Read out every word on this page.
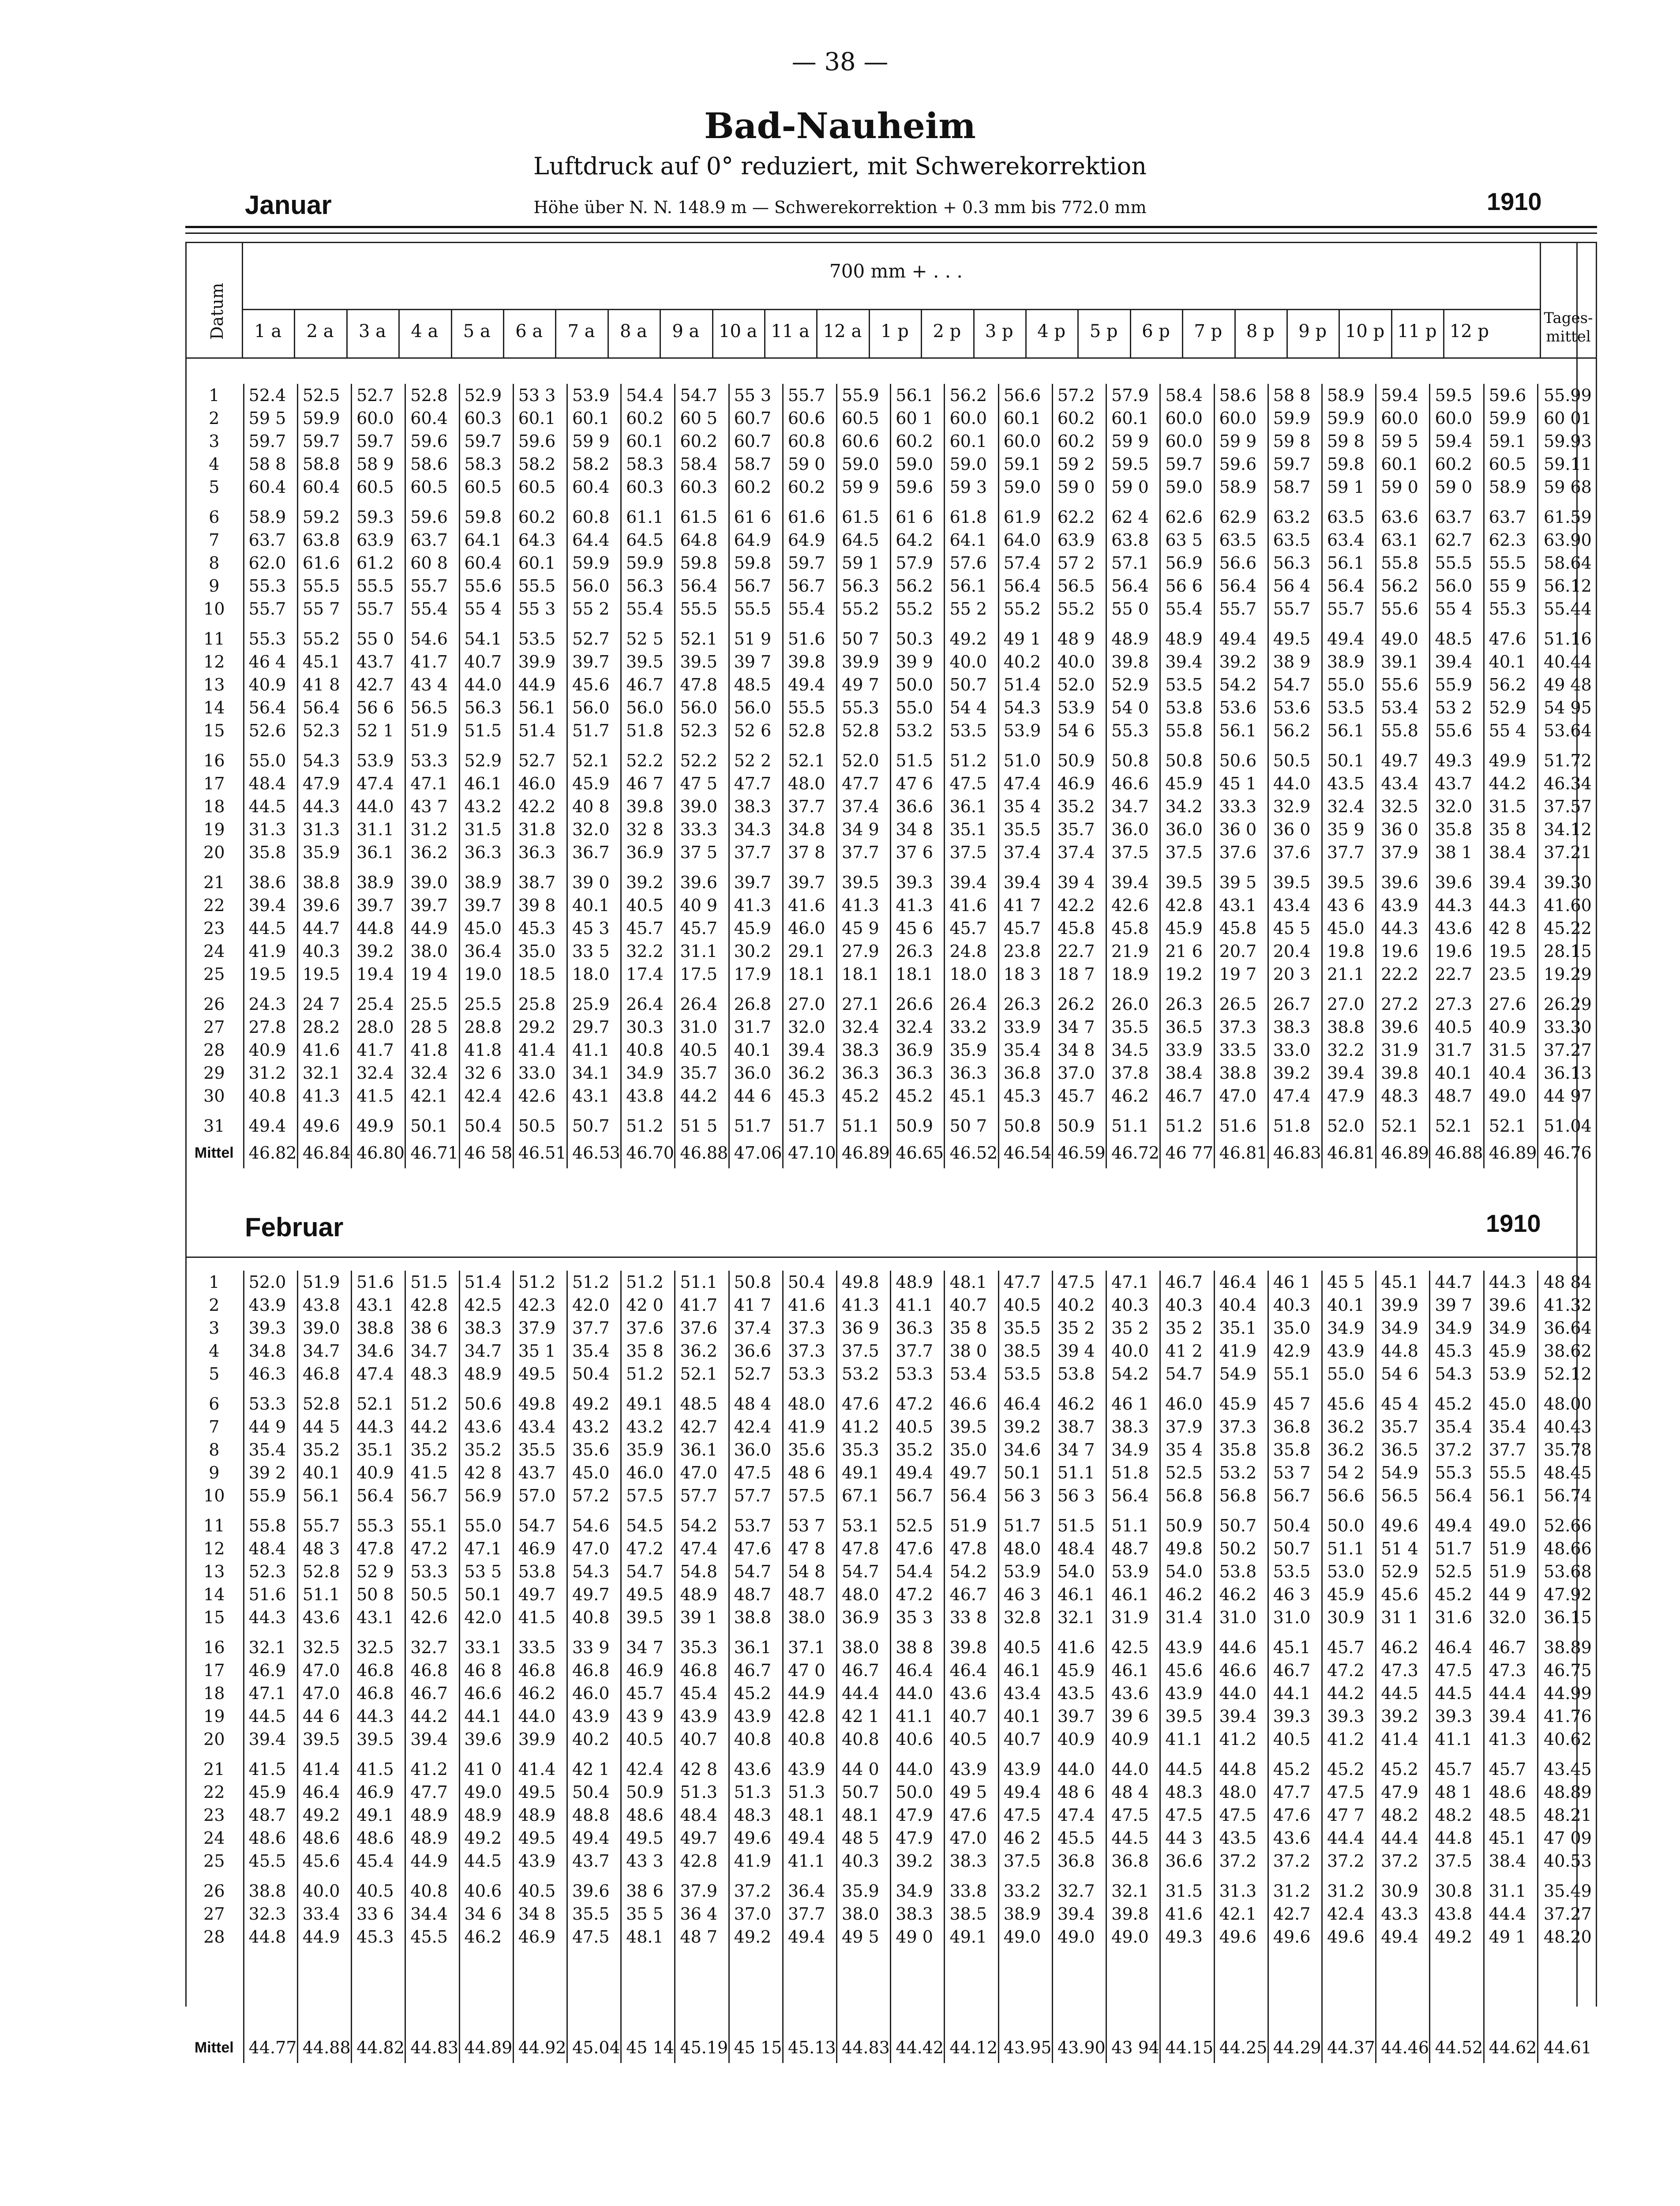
— 38 —
Bad-Nauheim
Luftdruck auf 0° reduziert, mit Schwerekorrektion
Januar	Höhe über N. N. 148.9 m — Schwerekorrektion + 0.3 mm bis 772.0 mm	1910
700 mm + . . .
Datum	1 a	2 a	3 a	4 a	5 a	6 a	7 a	8 a	9 a	10 a 11 a 12 a	1 p	2 p	3 p	4 p	5 p	6 p	7 p	8 p	9 p	10 p 11 p 12 p
Tages-mittel
1	52.4	52.5	52.7	52.8	52.9	53 3	53.9	54.4	54.7	55 3	55.7	55.9	56.1	56.2	56.6	57.2	57.9	58.4	58.6	58 8	58.9	59.4	59.5	59.6	55.99
2	59 5	59.9	60.0	60.4	60.3	60.1	60.1	60.2	60 5	60.7	60.6	60.5	60 1	60.0	60.1	60.2	60.1	60.0	60.0	59.9	59.9	60.0	60.0	59.9	60 01
3	59.7	59.7	59.7	59.6	59.7	59.6	59 9	60.1	60.2	60.7	60.8	60.6	60.2	60.1	60.0	60.2	59 9	60.0	59 9	59 8	59 8	59 5	59.4	59.1	59.93
4	58 8	58.8	58 9	58.6	58.3	58.2	58.2	58.3	58.4	58.7	59 0	59.0	59.0	59.0	59.1	59 2	59.5	59.7	59.6	59.7	59.8	60.1	60.2	60.5	59.11
5	60.4	60.4	60.5	60.5	60.5	60.5	60.4	60.3	60.3	60.2	60.2	59 9	59.6	59 3	59.0	59 0	59 0	59.0	58.9	58.7	59 1	59 0	59 0	58.9	59 68

6	58.9	59.2	59.3	59.6	59.8	60.2	60.8	61.1	61.5	61 6	61.6	61.5	61 6	61.8	61.9	62.2	62 4	62.6	62.9	63.2	63.5	63.6	63.7	63.7	61.59
7	63.7	63.8	63.9	63.7	64.1	64.3	64.4	64.5	64.8	64.9	64.9	64.5	64.2	64.1	64.0	63.9	63.8	63 5	63.5	63.5	63.4	63.1	62.7	62.3	63.90
8	62.0	61.6	61.2	60 8	60.4	60.1	59.9	59.9	59.8	59.8	59.7	59 1	57.9	57.6	57.4	57 2	57.1	56.9	56.6	56.3	56.1	55.8	55.5	55.5	58.64
9	55.3	55.5	55.5	55.7	55.6	55.5	56.0	56.3	56.4	56.7	56.7	56.3	56.2	56.1	56.4	56.5	56.4	56 6	56.4	56 4	56.4	56.2	56.0	55 9	56.12
10	55.7	55 7	55.7	55.4	55 4	55 3	55 2	55.4	55.5	55.5	55.4	55.2	55.2	55 2	55.2	55.2	55 0	55.4	55.7	55.7	55.7	55.6	55 4	55.3	55.44

11	55.3	55.2	55 0	54.6	54.1	53.5	52.7	52 5	52.1	51 9	51.6	50 7	50.3	49.2	49 1	48 9	48.9	48.9	49.4	49.5	49.4	49.0	48.5	47.6	51.16
12	46 4	45.1	43.7	41.7	40.7	39.9	39.7	39.5	39.5	39 7	39.8	39.9	39 9	40.0	40.2	40.0	39.8	39.4	39.2	38 9	38.9	39.1	39.4	40.1	40.44
13	40.9	41 8	42.7	43 4	44.0	44.9	45.6	46.7	47.8	48.5	49.4	49 7	50.0	50.7	51.4	52.0	52.9	53.5	54.2	54.7	55.0	55.6	55.9	56.2	49 48
14	56.4	56.4	56 6	56.5	56.3	56.1	56.0	56.0	56.0	56.0	55.5	55.3	55.0	54 4	54.3	53.9	54 0	53.8	53.6	53.6	53.5	53.4	53 2	52.9	54 95
15	52.6	52.3	52 1	51.9	51.5	51.4	51.7	51.8	52.3	52 6	52.8	52.8	53.2	53.5	53.9	54 6	55.3	55.8	56.1	56.2	56.1	55.8	55.6	55 4	53.64

16	55.0	54.3	53.9	53.3	52.9	52.7	52.1	52.2	52.2	52 2	52.1	52.0	51.5	51.2	51.0	50.9	50.8	50.8	50.6	50.5	50.1	49.7	49.3	49.9	51.72
17	48.4	47.9	47.4	47.1	46.1	46.0	45.9	46 7	47 5	47.7	48.0	47.7	47 6	47.5	47.4	46.9	46.6	45.9	45 1	44.0	43.5	43.4	43.7	44.2	46.34
18	44.5	44.3	44.0	43 7	43.2	42.2	40 8	39.8	39.0	38.3	37.7	37.4	36.6	36.1	35 4	35.2	34.7	34.2	33.3	32.9	32.4	32.5	32.0	31.5	37.57
19	31.3	31.3	31.1	31.2	31.5	31.8	32.0	32 8	33.3	34.3	34.8	34 9	34 8	35.1	35.5	35.7	36.0	36.0	36 0	36 0	35 9	36 0	35.8	35 8	34.12
20	35.8	35.9	36.1	36.2	36.3	36.3	36.7	36.9	37 5	37.7	37 8	37.7	37 6	37.5	37.4	37.4	37.5	37.5	37.6	37.6	37.7	37.9	38 1	38.4	37.21

21	38.6	38.8	38.9	39.0	38.9	38.7	39 0	39.2	39.6	39.7	39.7	39.5	39.3	39.4	39.4	39 4	39.4	39.5	39 5	39.5	39.5	39.6	39.6	39.4	39.30
22	39.4	39.6	39.7	39.7	39.7	39 8	40.1	40.5	40 9	41.3	41.6	41.3	41.3	41.6	41 7	42.2	42.6	42.8	43.1	43.4	43 6	43.9	44.3	44.3	41.60
23	44.5	44.7	44.8	44.9	45.0	45.3	45 3	45.7	45.7	45.9	46.0	45 9	45 6	45.7	45.7	45.8	45.8	45.9	45.8	45 5	45.0	44.3	43.6	42 8	45.22
24	41.9	40.3	39.2	38.0	36.4	35.0	33 5	32.2	31.1	30.2	29.1	27.9	26.3	24.8	23.8	22.7	21.9	21 6	20.7	20.4	19.8	19.6	19.6	19.5	28.15
25	19.5	19.5	19.4	19 4	19.0	18.5	18.0	17.4	17.5	17.9	18.1	18.1	18.1	18.0	18 3	18 7	18.9	19.2	19 7	20 3	21.1	22.2	22.7	23.5	19.29

26	24.3	24 7	25.4	25.5	25.5	25.8	25.9	26.4	26.4	26.8	27.0	27.1	26.6	26.4	26.3	26.2	26.0	26.3	26.5	26.7	27.0	27.2	27.3	27.6	26.29
27	27.8	28.2	28.0	28 5	28.8	29.2	29.7	30.3	31.0	31.7	32.0	32.4	32.4	33.2	33.9	34 7	35.5	36.5	37.3	38.3	38.8	39.6	40.5	40.9	33.30
28	40.9	41.6	41.7	41.8	41.8	41.4	41.1	40.8	40.5	40.1	39.4	38.3	36.9	35.9	35.4	34 8	34.5	33.9	33.5	33.0	32.2	31.9	31.7	31.5	37.27
29	31.2	32.1	32.4	32.4	32 6	33.0	34.1	34.9	35.7	36.0	36.2	36.3	36.3	36.3	36.8	37.0	37.8	38.4	38.8	39.2	39.4	39.8	40.1	40.4	36.13
30	40.8	41.3	41.5	42.1	42.4	42.6	43.1	43.8	44.2	44 6	45.3	45.2	45.2	45.1	45.3	45.7	46.2	46.7	47.0	47.4	47.9	48.3	48.7	49.0	44 97

31	49.4	49.6	49.9	50.1	50.4	50.5	50.7	51.2	51 5	51.7	51.7	51.1	50.9	50 7	50.8	50.9	51.1	51.2	51.6	51.8	52.0	52.1	52.1	52.1	51.04
Mittel	46.82	46.84	46.80	46.71	46 58	46.51	46.53	46.70	46.88	47.06	47.10	46.89	46.65	46.52	46.54	46.59	46.72	46 77	46.81	46.83	46.81	46.89	46.88	46.89	46.76
Februar	1910
1	52.0	51.9	51.6	51.5	51.4	51.2	51.2	51.2	51.1	50.8	50.4	49.8	48.9	48.1	47.7	47.5	47.1	46.7	46.4	46 1	45 5	45.1	44.7	44.3	48 84
2	43.9	43.8	43.1	42.8	42.5	42.3	42.0	42 0	41.7	41 7	41.6	41.3	41.1	40.7	40.5	40.2	40.3	40.3	40.4	40.3	40.1	39.9	39 7	39.6	41.32
3	39.3	39.0	38.8	38 6	38.3	37.9	37.7	37.6	37.6	37.4	37.3	36 9	36.3	35 8	35.5	35 2	35 2	35 2	35.1	35.0	34.9	34.9	34.9	34.9	36.64
4	34.8	34.7	34.6	34.7	34.7	35 1	35.4	35 8	36.2	36.6	37.3	37.5	37.7	38 0	38.5	39 4	40.0	41 2	41.9	42.9	43.9	44.8	45.3	45.9	38.62
5	46.3	46.8	47.4	48.3	48.9	49.5	50.4	51.2	52.1	52.7	53.3	53.2	53.3	53.4	53.5	53.8	54.2	54.7	54.9	55.1	55.0	54 6	54.3	53.9	52.12

6	53.3	52.8	52.1	51.2	50.6	49.8	49.2	49.1	48.5	48 4	48.0	47.6	47.2	46.6	46.4	46.2	46 1	46.0	45.9	45 7	45.6	45 4	45.2	45.0	48.00
7	44 9	44 5	44.3	44.2	43.6	43.4	43.2	43.2	42.7	42.4	41.9	41.2	40.5	39.5	39.2	38.7	38.3	37.9	37.3	36.8	36.2	35.7	35.4	35.4	40.43
8	35.4	35.2	35.1	35.2	35.2	35.5	35.6	35.9	36.1	36.0	35.6	35.3	35.2	35.0	34.6	34 7	34.9	35 4	35.8	35.8	36.2	36.5	37.2	37.7	35.78
9	39 2	40.1	40.9	41.5	42 8	43.7	45.0	46.0	47.0	47.5	48 6	49.1	49.4	49.7	50.1	51.1	51.8	52.5	53.2	53 7	54 2	54.9	55.3	55.5	48.45
10	55.9	56.1	56.4	56.7	56.9	57.0	57.2	57.5	57.7	57.7	57.5	67.1	56.7	56.4	56 3	56 3	56.4	56.8	56.8	56.7	56.6	56.5	56.4	56.1	56.74

11	55.8	55.7	55.3	55.1	55.0	54.7	54.6	54.5	54.2	53.7	53 7	53.1	52.5	51.9	51.7	51.5	51.1	50.9	50.7	50.4	50.0	49.6	49.4	49.0	52.66
12	48.4	48 3	47.8	47.2	47.1	46.9	47.0	47.2	47.4	47.6	47 8	47.8	47.6	47.8	48.0	48.4	48.7	49.8	50.2	50.7	51.1	51 4	51.7	51.9	48.66
13	52.3	52.8	52 9	53.3	53 5	53.8	54.3	54.7	54.8	54.7	54 8	54.7	54.4	54.2	53.9	54.0	53.9	54.0	53.8	53.5	53.0	52.9	52.5	51.9	53.68
14	51.6	51.1	50 8	50.5	50.1	49.7	49.7	49.5	48.9	48.7	48.7	48.0	47.2	46.7	46 3	46.1	46.1	46.2	46.2	46 3	45.9	45.6	45.2	44 9	47.92
15	44.3	43.6	43.1	42.6	42.0	41.5	40.8	39.5	39 1	38.8	38.0	36.9	35 3	33 8	32.8	32.1	31.9	31.4	31.0	31.0	30.9	31 1	31.6	32.0	36.15

16	32.1	32.5	32.5	32.7	33.1	33.5	33 9	34 7	35.3	36.1	37.1	38.0	38 8	39.8	40.5	41.6	42.5	43.9	44.6	45.1	45.7	46.2	46.4	46.7	38.89
17	46.9	47.0	46.8	46.8	46 8	46.8	46.8	46.9	46.8	46.7	47 0	46.7	46.4	46.4	46.1	45.9	46.1	45.6	46.6	46.7	47.2	47.3	47.5	47.3	46.75
18	47.1	47.0	46.8	46.7	46.6	46.2	46.0	45.7	45.4	45.2	44.9	44.4	44.0	43.6	43.4	43.5	43.6	43.9	44.0	44.1	44.2	44.5	44.5	44.4	44.99
19	44.5	44 6	44.3	44.2	44.1	44.0	43.9	43 9	43.9	43.9	42.8	42 1	41.1	40.7	40.1	39.7	39 6	39.5	39.4	39.3	39.3	39.2	39.3	39.4	41.76
20	39.4	39.5	39.5	39.4	39.6	39.9	40.2	40.5	40.7	40.8	40.8	40.8	40.6	40.5	40.7	40.9	40.9	41.1	41.2	40.5	41.2	41.4	41.1	41.3	40.62

21	41.5	41.4	41.5	41.2	41 0	41.4	42 1	42.4	42 8	43.6	43.9	44 0	44.0	43.9	43.9	44.0	44.0	44.5	44.8	45.2	45.2	45.2	45.7	45.7	43.45
22	45.9	46.4	46.9	47.7	49.0	49.5	50.4	50.9	51.3	51.3	51.3	50.7	50.0	49 5	49.4	48 6	48 4	48.3	48.0	47.7	47.5	47.9	48 1	48.6	48.89
23	48.7	49.2	49.1	48.9	48.9	48.9	48.8	48.6	48.4	48.3	48.1	48.1	47.9	47.6	47.5	47.4	47.5	47.5	47.5	47.6	47 7	48.2	48.2	48.5	48.21
24	48.6	48.6	48.6	48.9	49.2	49.5	49.4	49.5	49.7	49.6	49.4	48 5	47.9	47.0	46 2	45.5	44.5	44 3	43.5	43.6	44.4	44.4	44.8	45.1	47 09
25	45.5	45.6	45.4	44.9	44.5	43.9	43.7	43 3	42.8	41.9	41.1	40.3	39.2	38.3	37.5	36.8	36.8	36.6	37.2	37.2	37.2	37.2	37.5	38.4	40.53

26	38.8	40.0	40.5	40.8	40.6	40.5	39.6	38 6	37.9	37.2	36.4	35.9	34.9	33.8	33.2	32.7	32.1	31.5	31.3	31.2	31.2	30.9	30.8	31.1	35.49
27	32.3	33.4	33 6	34.4	34 6	34 8	35.5	35 5	36 4	37.0	37.7	38.0	38.3	38.5	38.9	39.4	39.8	41.6	42.1	42.7	42.4	43.3	43.8	44.4	37.27
28	44.8	44.9	45.3	45.5	46.2	46.9	47.5	48.1	48 7	49.2	49.4	49 5	49 0	49.1	49.0	49.0	49.0	49.3	49.6	49.6	49.6	49.4	49.2	49 1	48.20

Mittel	44.77	44.88	44.82	44.83	44.89	44.92	45.04	45 14	45.19	45 15	45.13	44.83	44.42	44.12	43.95	43.90	43 94	44.15	44.25	44.29	44.37	44.46	44.52	44.62	44.61
